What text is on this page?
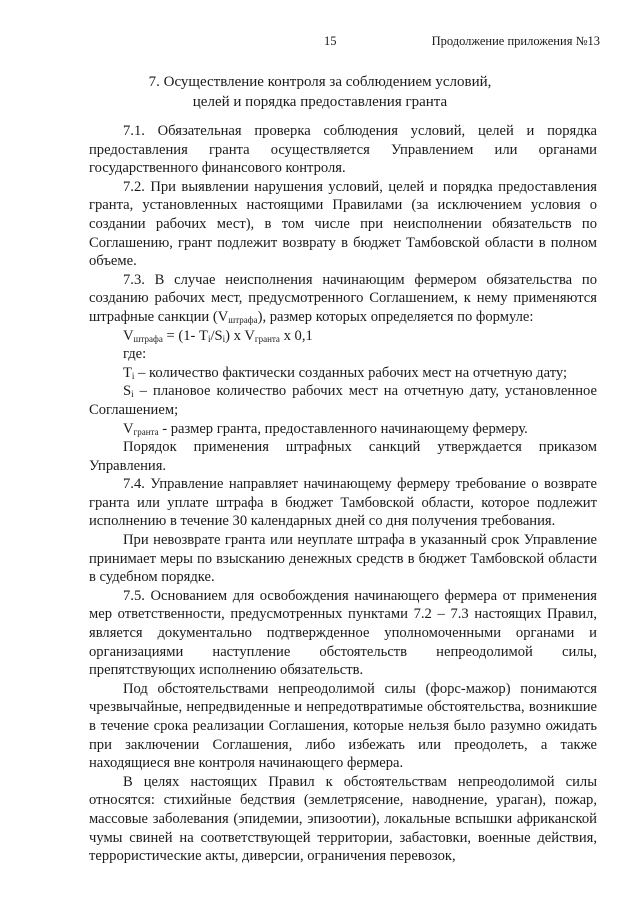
15	Продолжение приложения №13
7. Осуществление контроля за соблюдением условий,
целей и порядка предоставления гранта

7.1. Обязательная проверка соблюдения условий, целей и порядка предоставления гранта осуществляется Управлением или органами государственного финансового контроля.

7.2. При выявлении нарушения условий, целей и порядка предоставления гранта, установленных настоящими Правилами (за исключением условия о создании рабочих мест), в том числе при неисполнении обязательств по Соглашению, грант подлежит возврату в бюджет Тамбовской области в полном объеме.

7.3. В случае неисполнения начинающим фермером обязательства по созданию рабочих мест, предусмотренного Соглашением, к нему применяются штрафные санкции $(V_{штрафа})$, размер которых определяется по формуле:

$V_{штрафа} = (1-$ $T_i/S_i$) x $V_{гранта}$ x 0,1

где:

$T_i$ – количество фактически созданных рабочих мест на отчетную дату;

$S_i$ – плановое количество рабочих мест на отчетную дату, установленное Соглашением;

$V_{гранта}$ - размер гранта, предоставленного начинающему фермеру.

Порядок применения штрафных санкций утверждается приказом Управления.

7.4. Управление направляет начинающему фермеру требование о возврате гранта или уплате штрафа в бюджет Тамбовской области, которое подлежит исполнению в течение 30 календарных дней со дня получения требования.

При невозврате гранта или неуплате штрафа в указанный срок Управление принимает меры по взысканию денежных средств в бюджет Тамбовской области в судебном порядке.

7.5. Основанием для освобождения начинающего фермера от применения мер ответственности, предусмотренных пунктами 7.2 – 7.3 настоящих Правил, является документально подтвержденное уполномоченными органами и организациями наступление обстоятельств непреодолимой силы, препятствующих исполнению обязательств.

Под обстоятельствами непреодолимой силы (форс-мажор) понимаются чрезвычайные, непредвиденные и непредотвратимые обстоятельства, возникшие в течение срока реализации Соглашения, которые нельзя было разумно ожидать при заключении Соглашения, либо избежать или преодолеть, а также находящиеся вне контроля начинающего фермера.

В целях настоящих Правил к обстоятельствам непреодолимой силы относятся: стихийные бедствия (землетрясение, наводнение, ураган), пожар, массовые заболевания (эпидемии, эпизоотии), локальные вспышки африканской чумы свиней на соответствующей территории, забастовки, военные действия, террористические акты, диверсии, ограничения перевозок,
